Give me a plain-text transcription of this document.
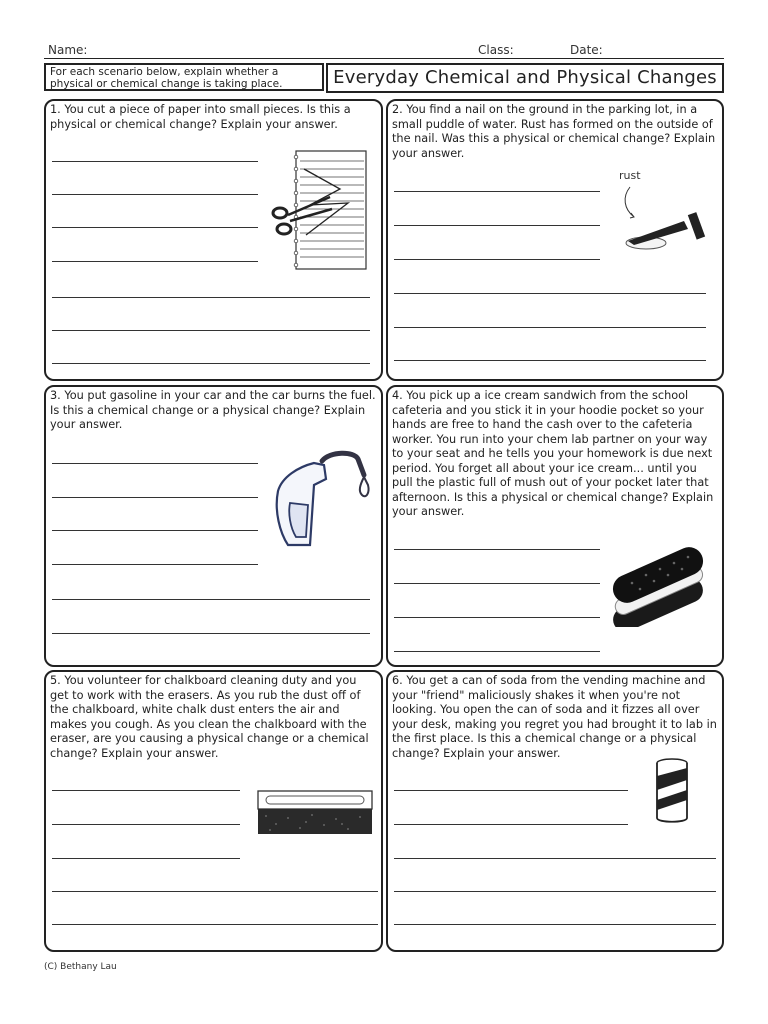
Name:	Class:	Date:
For each scenario below, explain whether a physical or chemical change is taking place.	Everyday Chemical and Physical Changes
1. You cut a piece of paper into small pieces. Is this a physical or chemical change? Explain your answer.
2. You find a nail on the ground in the parking lot, in a small puddle of water. Rust has formed on the outside of the nail. Was this a physical or chemical change? Explain your answer.
rust
3. You put gasoline in your car and the car burns the fuel. Is this a chemical change or a physical change? Explain your answer.
4. You pick up a ice cream sandwich from the school cafeteria and you stick it in your hoodie pocket so your hands are free to hand the cash over to the cafeteria worker. You run into your chem lab partner on your way to your seat and he tells you your homework is due next period. You forget all about your ice cream... until you pull the plastic full of mush out of your pocket later that afternoon. Is this a physical or chemical change? Explain your answer.
5. You volunteer for chalkboard cleaning duty and you get to work with the erasers. As you rub the dust off of the chalkboard, white chalk dust enters the air and makes you cough. As you clean the chalkboard with the eraser, are you causing a physical change or a chemical change? Explain your answer.
6. You get a can of soda from the vending machine and your "friend" maliciously shakes it when you're not looking. You open the can of soda and it fizzes all over your desk, making you regret you had brought it to lab in the first place. Is this a chemical change or a physical change? Explain your answer.
(C) Bethany Lau
